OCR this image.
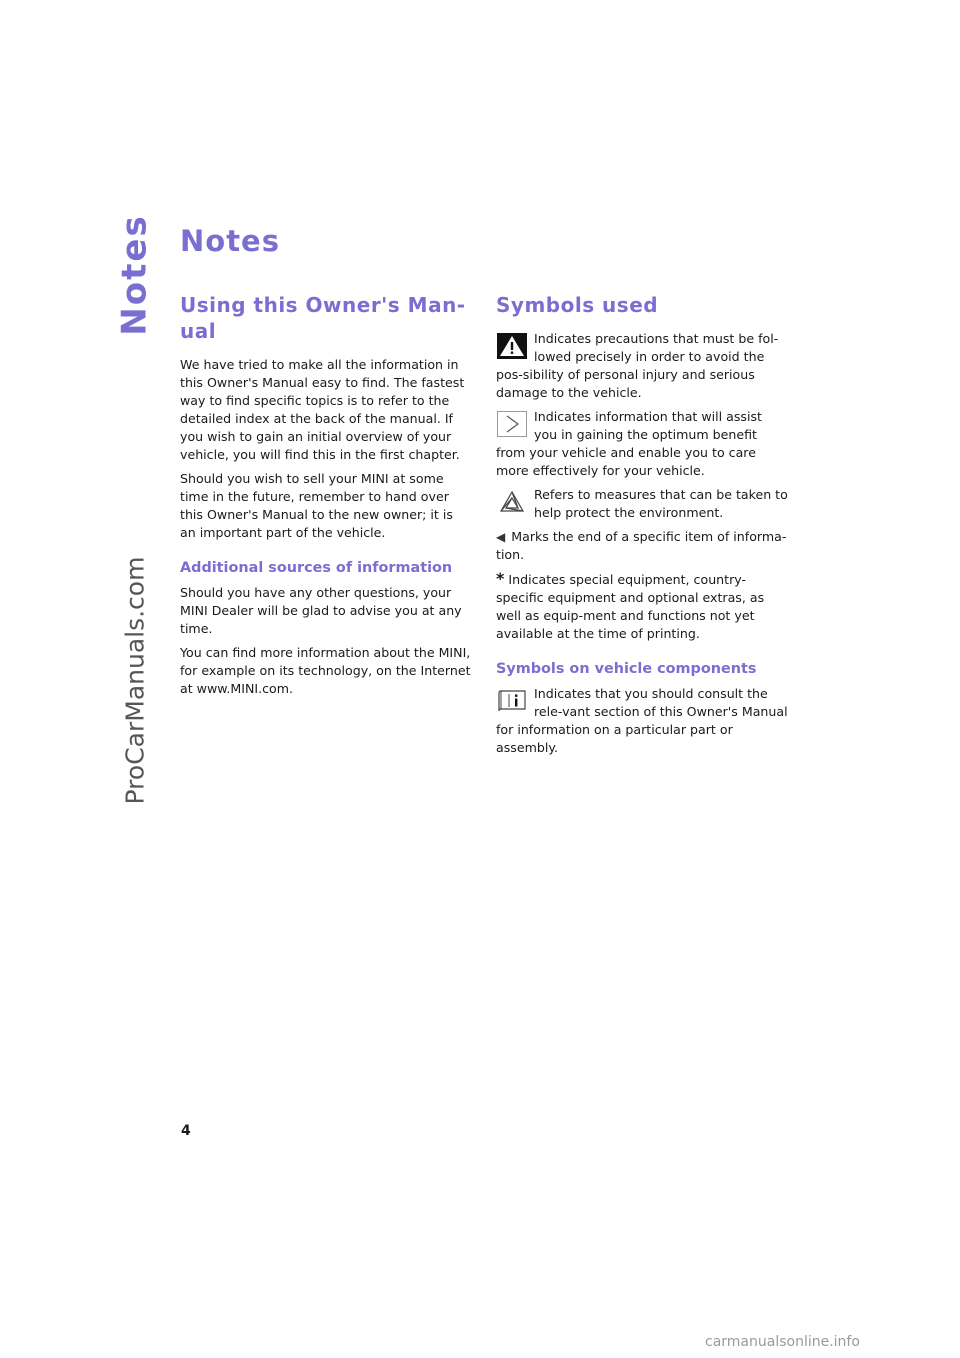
Notes
ProCarManuals.com
Notes
Using this Owner's Man-ual

We have tried to make all the information in this Owner's Manual easy to find. The fastest way to find specific topics is to refer to the detailed index at the back of the manual. If you wish to gain an initial overview of your vehicle, you will find this in the first chapter.

Should you wish to sell your MINI at some time in the future, remember to hand over this Owner's Manual to the new owner; it is an important part of the vehicle.

Additional sources of information

Should you have any other questions, your MINI Dealer will be glad to advise you at any time.

You can find more information about the MINI, for example on its technology, on the Internet at www.MINI.com.

Symbols used
Indicates precautions that must be fol-lowed precisely in order to avoid the pos-sibility of personal injury and serious damage to the vehicle.
Indicates information that will assist you in gaining the optimum benefit from your vehicle and enable you to care more effectively for your vehicle.
Refers to measures that can be taken to help protect the environment.

◀ Marks the end of a specific item of informa-tion.

* Indicates special equipment, country-specific equipment and optional extras, as well as equip-ment and functions not yet available at the time of printing.

Symbols on vehicle components
Indicates that you should consult the rele-vant section of this Owner's Manual for information on a particular part or assembly.
4
carmanualsonline.info
